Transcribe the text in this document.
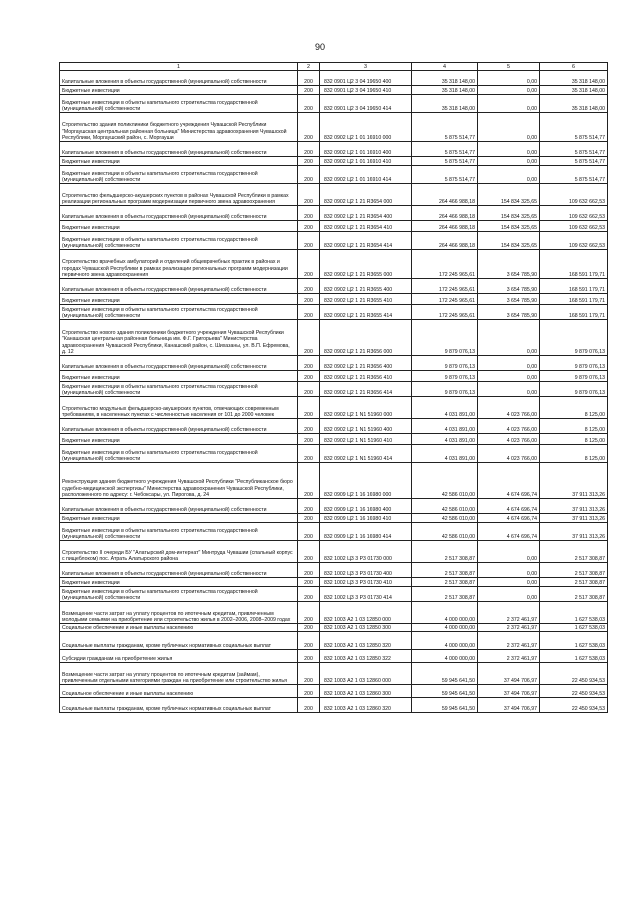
90
1	2	3	4	5	6
Капитальные вложения в объекты государственной (муниципальной) собственности	200	832 0901 Ц2 3 04 19650 400	35 318 148,00	0,00	35 318 148,00
Бюджетные инвестиции	200	832 0901 Ц2 3 04 19650 410	35 318 148,00	0,00	35 318 148,00
Бюджетные инвестиции в объекты капитального строительства государственной (муниципальной) собственности	200	832 0901 Ц2 3 04 19650 414	35 318 148,00	0,00	35 318 148,00
Строительство здания поликлиники бюджетного учреждения Чувашской Республики "Моргаушская центральная районная больница" Министерства здравоохранения Чувашской Республики, Моргаушский район, с. Моргауши	200	832 0902 Ц2 1 01 16910 000	5 875 514,77	0,00	5 875 514,77
Капитальные вложения в объекты государственной (муниципальной) собственности	200	832 0902 Ц2 1 01 16910 400	5 875 514,77	0,00	5 875 514,77
Бюджетные инвестиции	200	832 0902 Ц2 1 01 16910 410	5 875 514,77	0,00	5 875 514,77
Бюджетные инвестиции в объекты капитального строительства государственной (муниципальной) собственности	200	832 0902 Ц2 1 01 16910 414	5 875 514,77	0,00	5 875 514,77
Строительство фельдшерско-акушерских пунктов в районах Чувашской Республики в рамках реализации региональных программ модернизации первичного звена здравоохранения	200	832 0902 Ц2 1 21 R3654 000	264 466 988,18	154 834 325,65	109 632 662,53
Капитальные вложения в объекты государственной (муниципальной) собственности	200	832 0902 Ц2 1 21 R3654 400	264 466 988,18	154 834 325,65	109 632 662,53
Бюджетные инвестиции	200	832 0902 Ц2 1 21 R3654 410	264 466 988,18	154 834 325,65	109 632 662,53
Бюджетные инвестиции в объекты капитального строительства государственной (муниципальной) собственности	200	832 0902 Ц2 1 21 R3654 414	264 466 988,18	154 834 325,65	109 632 662,53
Строительство врачебных амбулаторий и отделений общеврачебных практик в районах и городах Чувашской Республики в рамках реализации региональных программ модернизации первичного звена здравоохранения	200	832 0902 Ц2 1 21 R3655 000	172 245 965,61	3 654 785,90	168 591 179,71
Капитальные вложения в объекты государственной (муниципальной) собственности	200	832 0902 Ц2 1 21 R3655 400	172 245 965,61	3 654 785,90	168 591 179,71
Бюджетные инвестиции	200	832 0902 Ц2 1 21 R3655 410	172 245 965,61	3 654 785,90	168 591 179,71
Бюджетные инвестиции в объекты капитального строительства государственной (муниципальной) собственности	200	832 0902 Ц2 1 21 R3655 414	172 245 965,61	3 654 785,90	168 591 179,71
Строительство нового здания поликлиники бюджетного учреждения Чувашской Республики "Канашская центральная районная больница им. Ф.Г. Григорьева" Министерства здравоохранения Чувашской Республики, Канашский район, с. Шихазаны, ул. В.П. Ефремова, д. 12	200	832 0902 Ц2 1 21 R3656 000	9 879 076,13	0,00	9 879 076,13
Капитальные вложения в объекты государственной (муниципальной) собственности	200	832 0902 Ц2 1 21 R3656 400	9 879 076,13	0,00	9 879 076,13
Бюджетные инвестиции	200	832 0902 Ц2 1 21 R3656 410	9 879 076,13	0,00	9 879 076,13
Бюджетные инвестиции в объекты капитального строительства государственной (муниципальной) собственности	200	832 0902 Ц2 1 21 R3656 414	9 879 076,13	0,00	9 879 076,13
Строительство модульных фельдшерско-акушерских пунктов, отвечающих современным требованиям, в населенных пунктах с численностью населения от 101 до 2000 человек	200	832 0902 Ц2 1 N1 51960 000	4 031 891,00	4 023 766,00	8 125,00
Капитальные вложения в объекты государственной (муниципальной) собственности	200	832 0902 Ц2 1 N1 51960 400	4 031 891,00	4 023 766,00	8 125,00
Бюджетные инвестиции	200	832 0902 Ц2 1 N1 51960 410	4 031 891,00	4 023 766,00	8 125,00
Бюджетные инвестиции в объекты капитального строительства государственной (муниципальной) собственности	200	832 0902 Ц2 1 N1 51960 414	4 031 891,00	4 023 766,00	8 125,00
Реконструкция здания бюджетного учреждения Чувашской Республики "Республиканское бюро судебно-медицинской экспертизы" Министерства здравоохранения Чувашской Республики, расположенного по адресу: г. Чебоксары, ул. Пирогова, д. 24	200	832 0909 Ц2 1 16 16980 000	42 586 010,00	4 674 696,74	37 911 313,26
Капитальные вложения в объекты государственной (муниципальной) собственности	200	832 0909 Ц2 1 16 16980 400	42 586 010,00	4 674 696,74	37 911 313,26
Бюджетные инвестиции	200	832 0909 Ц2 1 16 16980 410	42 586 010,00	4 674 696,74	37 911 313,26
Бюджетные инвестиции в объекты капитального строительства государственной (муниципальной) собственности	200	832 0909 Ц2 1 16 16980 414	42 586 010,00	4 674 696,74	37 911 313,26
Строительство II очереди БУ "Алатырский дом-интернат" Минтруда Чувашии (спальный корпус с пищеблоком) пос. Атрать Алатырского района	200	832 1002 Ц3 3 P3 01730 000	2 517 308,87	0,00	2 517 308,87
Капитальные вложения в объекты государственной (муниципальной) собственности	200	832 1002 Ц3 3 P3 01730 400	2 517 308,87	0,00	2 517 308,87
Бюджетные инвестиции	200	832 1002 Ц3 3 P3 01730 410	2 517 308,87	0,00	2 517 308,87
Бюджетные инвестиции в объекты капитального строительства государственной (муниципальной) собственности	200	832 1002 Ц3 3 P3 01730 414	2 517 308,87	0,00	2 517 308,87
Возмещение части затрат на уплату процентов по ипотечным кредитам, привлеченным молодыми семьями на приобретение или строительство жилья в 2002–2006, 2008–2009 годах	200	832 1003 А2 1 03 12850 000	4 000 000,00	2 372 461,97	1 627 538,03
Социальное обеспечение и иные выплаты населению	200	832 1003 А2 1 03 12850 300	4 000 000,00	2 372 461,97	1 627 538,03
Социальные выплаты гражданам, кроме публичных нормативных социальных выплат	200	832 1003 А2 1 03 12850 320	4 000 000,00	2 372 461,97	1 627 538,03
Субсидии гражданам на приобретение жилья	200	832 1003 А2 1 03 12850 322	4 000 000,00	2 372 461,97	1 627 538,03
Возмещение части затрат на уплату процентов по ипотечным кредитам (займам), привлеченным отдельными категориями граждан на приобретение или строительство жилья	200	832 1003 А2 1 03 12860 000	59 945 641,50	37 494 706,97	22 450 934,53
Социальное обеспечение и иные выплаты населению	200	832 1003 А2 1 03 12860 300	59 945 641,50	37 494 706,97	22 450 934,53
Социальные выплаты гражданам, кроме публичных нормативных социальных выплат	200	832 1003 А2 1 03 12860 320	59 945 641,50	37 494 706,97	22 450 934,53
